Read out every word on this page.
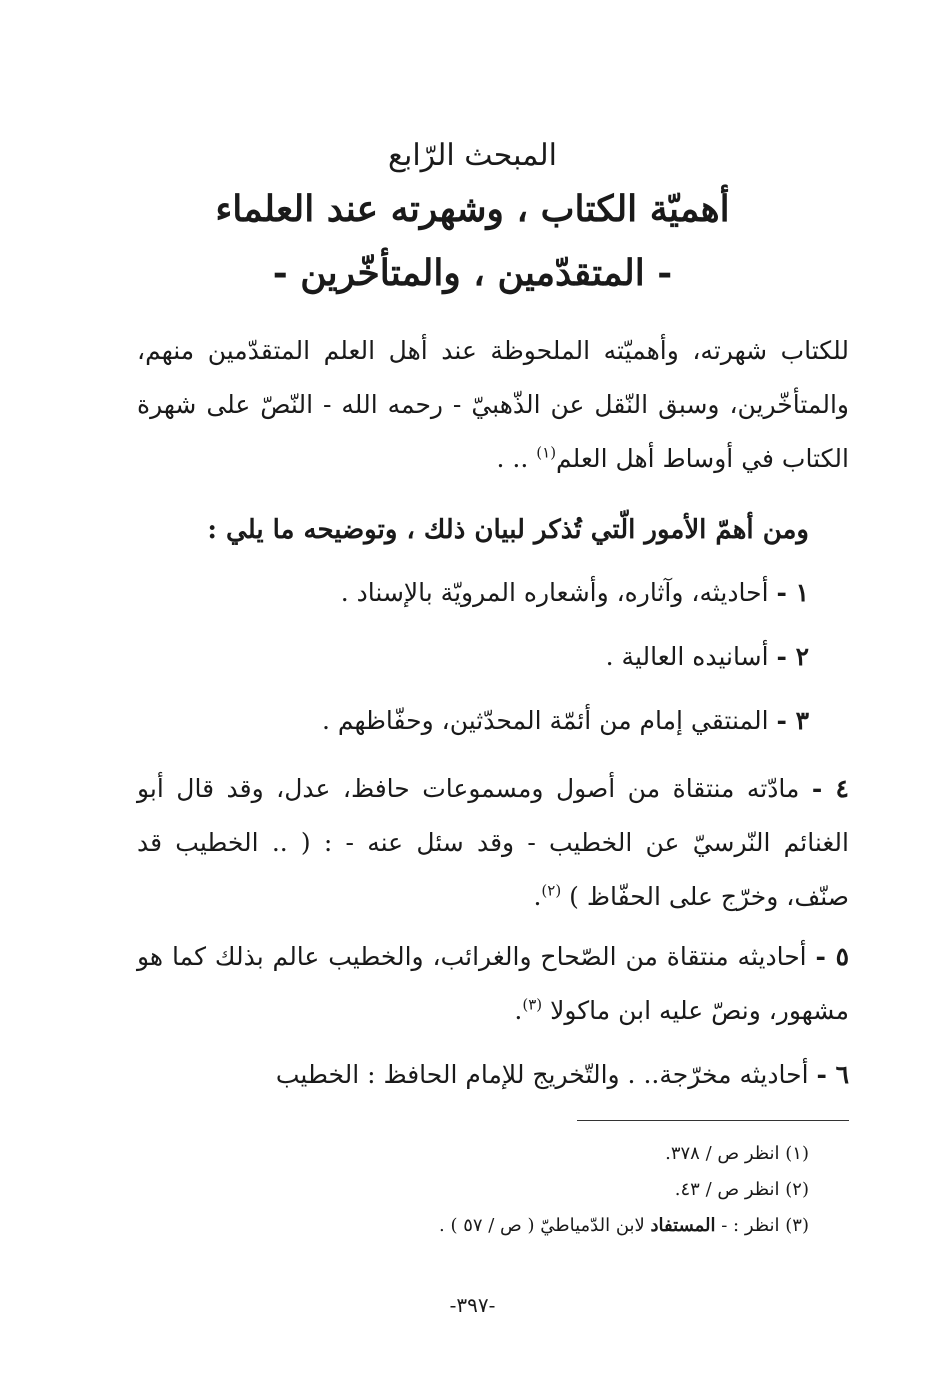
المبحث الرّابع
أهميّة الكتاب ، وشهرته عند العلماء
- المتقدّمين ، والمتأخّرين -

للكتاب شهرته، وأهميّته الملحوظة عند أهل العلم المتقدّمين منهم، والمتأخّرين، وسبق النّقل عن الذّهبيّ - رحمه الله - النّصّ على شهرة الكتاب في أوساط أهل العلم$^{(١)}$ .. .

ومن أهمّ الأمور الّتي تُذكر لبيان ذلك ، وتوضيحه ما يلي :

١ - أحاديثه، وآثاره، وأشعاره المرويّة بالإسناد .

٢ - أسانيده العالية .

٣ - المنتقي إمام من أئمّة المحدّثين، وحفّاظهم .

٤ - مادّته منتقاة من أصول ومسموعات حافظ، عدل، وقد قال أبو الغنائم النّرسيّ عن الخطيب - وقد سئل عنه - : ( .. الخطيب قد صنّف، وخرّج على الحفّاظ ) $^{(٢)}$.

٥ - أحاديثه منتقاة من الصّحاح والغرائب، والخطيب عالم بذلك كما هو مشهور، ونصّ عليه ابن ماكولا $^{(٣)}$.

٦ - أحاديثه مخرّجة.. . والتّخريج للإمام الحافظ : الخطيب

(١) انظر ص / ٣٧٨.
(٢) انظر ص / ٤٣.
(٣) انظر : - المستفاد لابن الدّمياطيّ ( ص / ٥٧ ) .
-٣٩٧-
